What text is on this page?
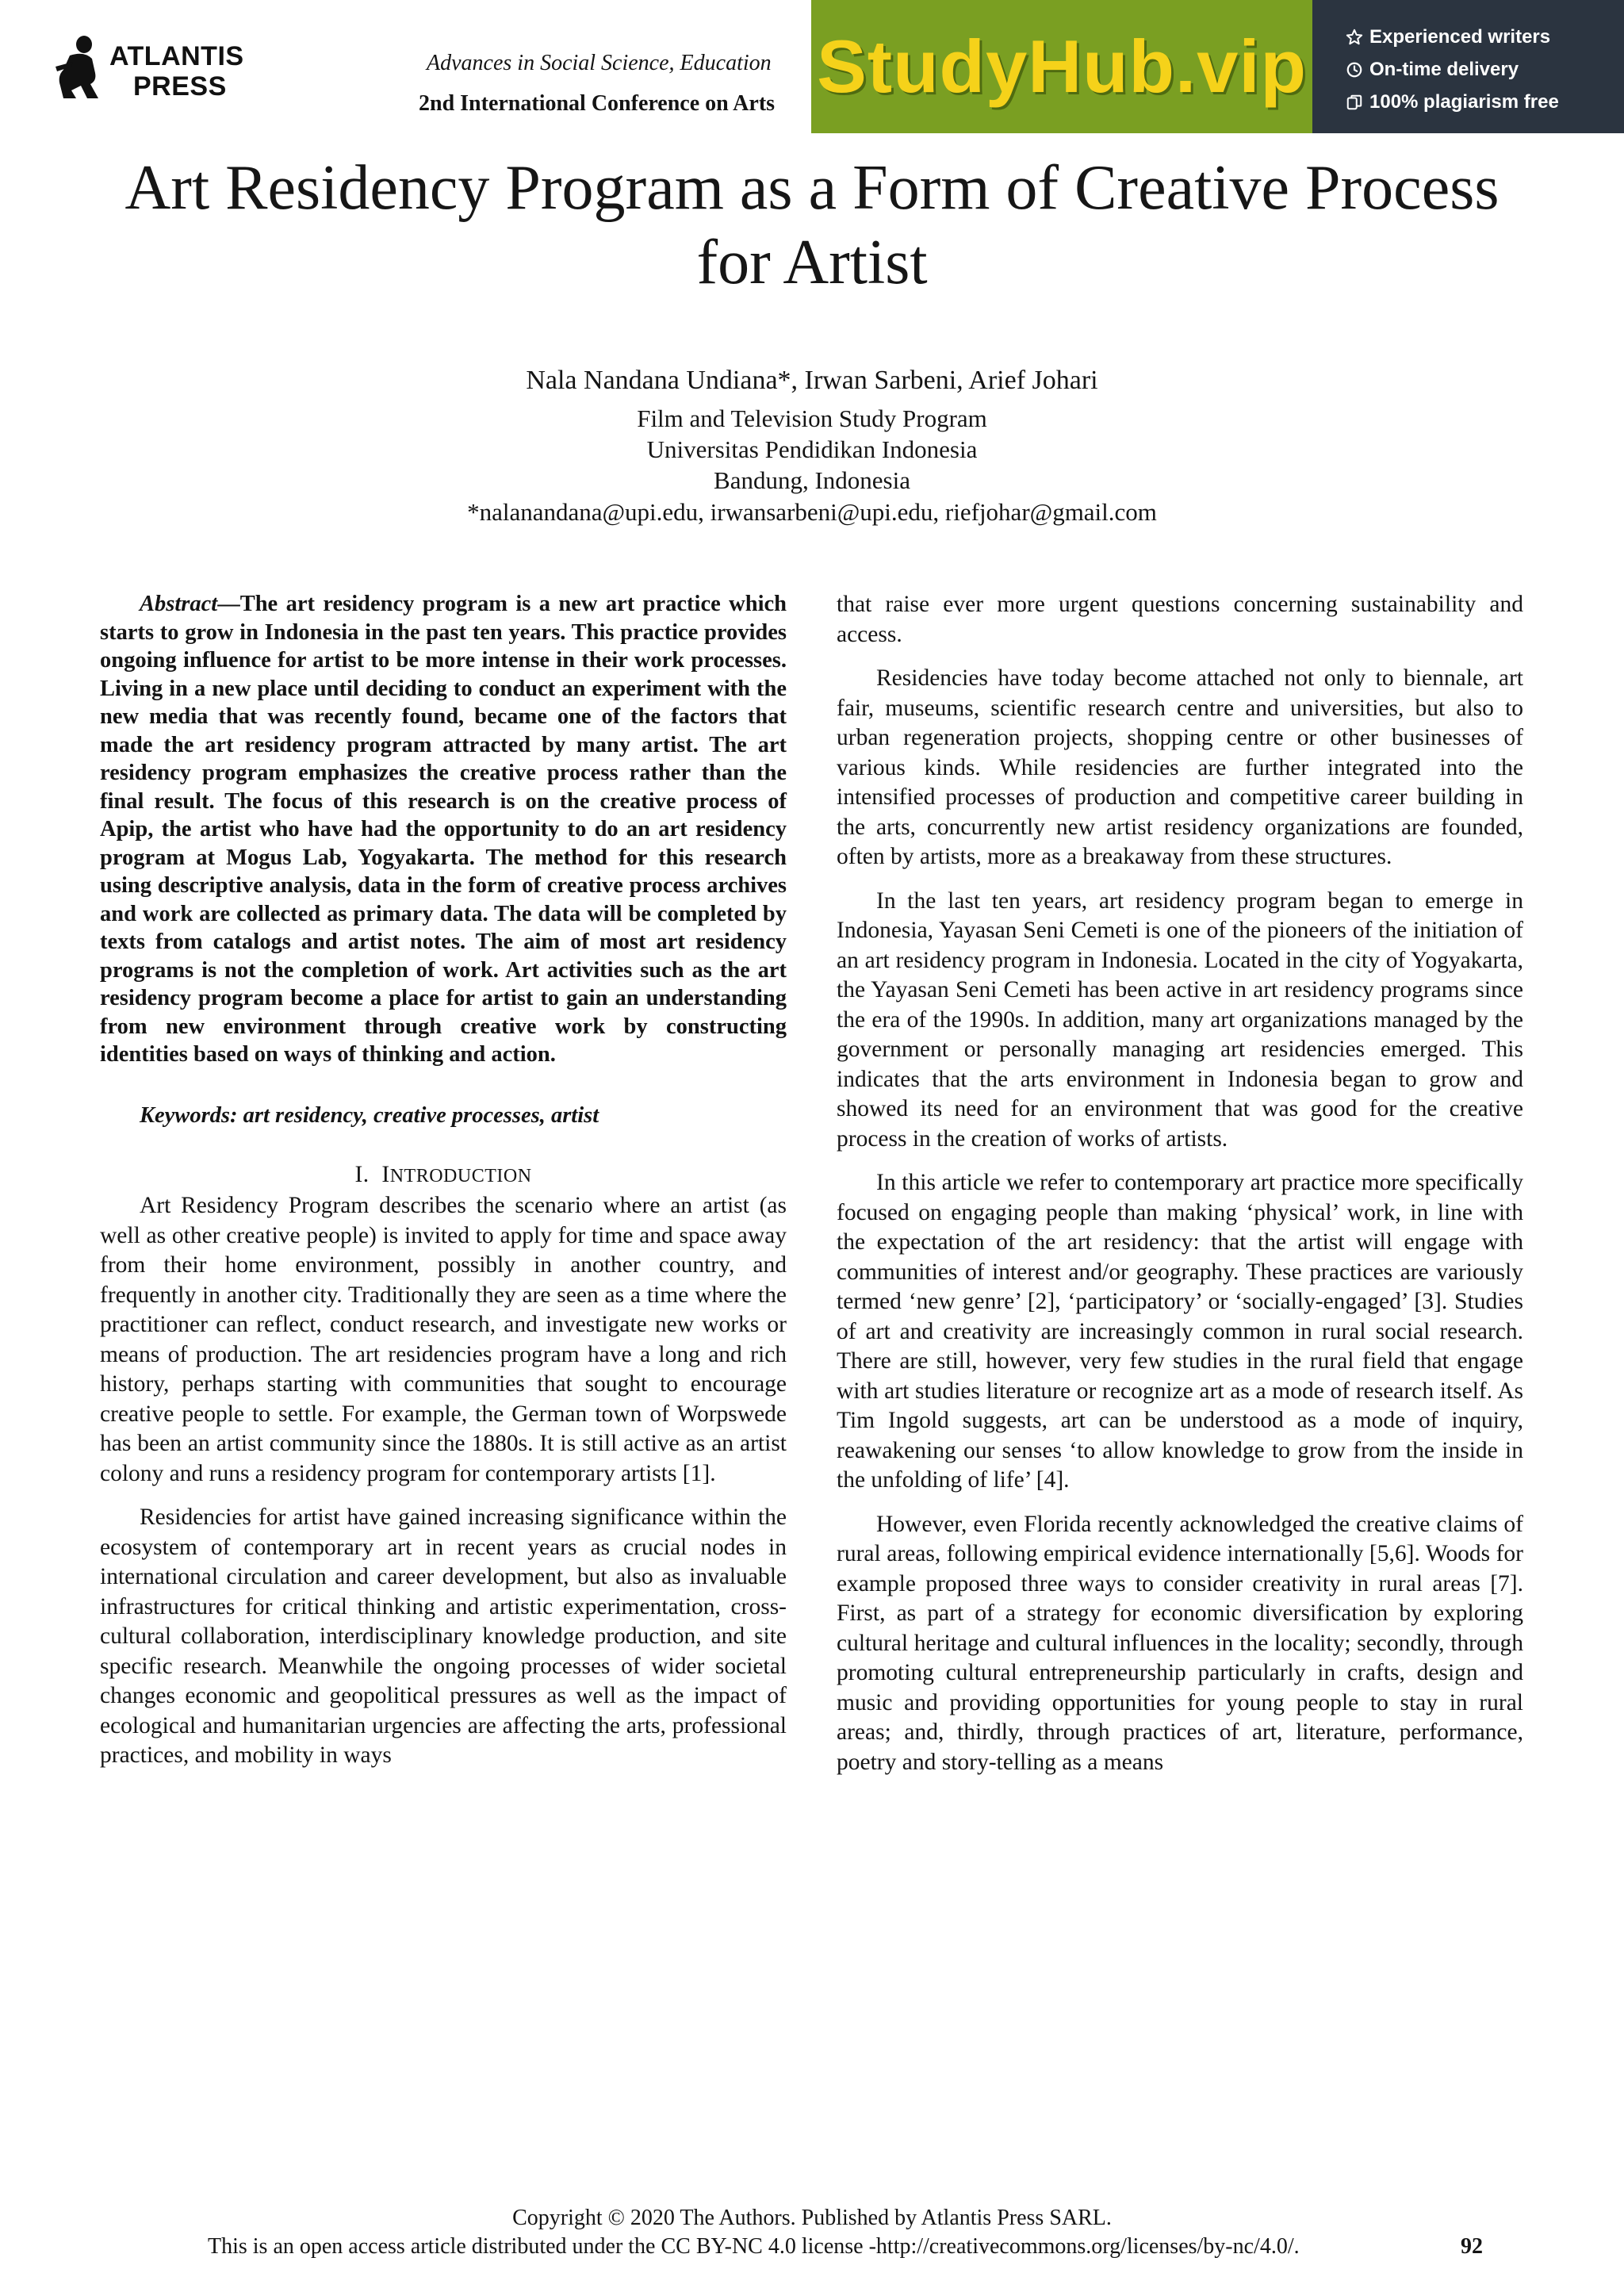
ATLANTIS
PRESS
Advances in Social Science, Education
2nd International Conference on Arts StudyHub.vip	Experienced writers
On-time delivery
100% plagiarism free
Art Residency Program as a Form of Creative Process
for Artist
Nala Nandana Undiana*, Irwan Sarbeni, Arief Johari
Film and Television Study Program
Universitas Pendidikan Indonesia
Bandung, Indonesia
*nalanandana@upi.edu, irwansarbeni@upi.edu, riefjohar@gmail.com

Abstract—The art residency program is a new art practice which starts to grow in Indonesia in the past ten years. This practice provides ongoing influence for artist to be more intense in their work processes. Living in a new place until deciding to conduct an experiment with the new media that was recently found, became one of the factors that made the art residency program attracted by many artist. The art residency program emphasizes the creative process rather than the final result. The focus of this research is on the creative process of Apip, the artist who have had the opportunity to do an art residency program at Mogus Lab, Yogyakarta. The method for this research using descriptive analysis, data in the form of creative process archives and work are collected as primary data. The data will be completed by texts from catalogs and artist notes. The aim of most art residency programs is not the completion of work. Art activities such as the art residency program become a place for artist to gain an understanding from new environment through creative work by constructing identities based on ways of thinking and action.

Keywords: art residency, creative processes, artist

I. INTRODUCTION

Art Residency Program describes the scenario where an artist (as well as other creative people) is invited to apply for time and space away from their home environment, possibly in another country, and frequently in another city. Traditionally they are seen as a time where the practitioner can reflect, conduct research, and investigate new works or means of production. The art residencies program have a long and rich history, perhaps starting with communities that sought to encourage creative people to settle. For example, the German town of Worpswede has been an artist community since the 1880s. It is still active as an artist colony and runs a residency program for contemporary artists [1].

Residencies for artist have gained increasing significance within the ecosystem of contemporary art in recent years as crucial nodes in international circulation and career development, but also as invaluable infrastructures for critical thinking and artistic experimentation, cross-cultural collaboration, interdisciplinary knowledge production, and site specific research. Meanwhile the ongoing processes of wider societal changes economic and geopolitical pressures as well as the impact of ecological and humanitarian urgencies are affecting the arts, professional practices, and mobility in ways

that raise ever more urgent questions concerning sustainability and access.

Residencies have today become attached not only to biennale, art fair, museums, scientific research centre and universities, but also to urban regeneration projects, shopping centre or other businesses of various kinds. While residencies are further integrated into the intensified processes of production and competitive career building in the arts, concurrently new artist residency organizations are founded, often by artists, more as a breakaway from these structures.

In the last ten years, art residency program began to emerge in Indonesia, Yayasan Seni Cemeti is one of the pioneers of the initiation of an art residency program in Indonesia. Located in the city of Yogyakarta, the Yayasan Seni Cemeti has been active in art residency programs since the era of the 1990s. In addition, many art organizations managed by the government or personally managing art residencies emerged. This indicates that the arts environment in Indonesia began to grow and showed its need for an environment that was good for the creative process in the creation of works of artists.

In this article we refer to contemporary art practice more specifically focused on engaging people than making ‘physical’ work, in line with the expectation of the art residency: that the artist will engage with communities of interest and/or geography. These practices are variously termed ‘new genre’ [2], ‘participatory’ or ‘socially-engaged’ [3]. Studies of art and creativity are increasingly common in rural social research. There are still, however, very few studies in the rural field that engage with art studies literature or recognize art as a mode of research itself. As Tim Ingold suggests, art can be understood as a mode of inquiry, reawakening our senses ‘to allow knowledge to grow from the inside in the unfolding of life’ [4].

However, even Florida recently acknowledged the creative claims of rural areas, following empirical evidence internationally [5,6]. Woods for example proposed three ways to consider creativity in rural areas [7]. First, as part of a strategy for economic diversification by exploring cultural heritage and cultural influences in the locality; secondly, through promoting cultural entrepreneurship particularly in crafts, design and music and providing opportunities for young people to stay in rural areas; and, thirdly, through practices of art, literature, performance, poetry and story-telling as a means

Copyright © 2020 The Authors. Published by Atlantis Press SARL.
This is an open access article distributed under the CC BY-NC 4.0 license -http://creativecommons.org/licenses/by-nc/4.0/.	92
